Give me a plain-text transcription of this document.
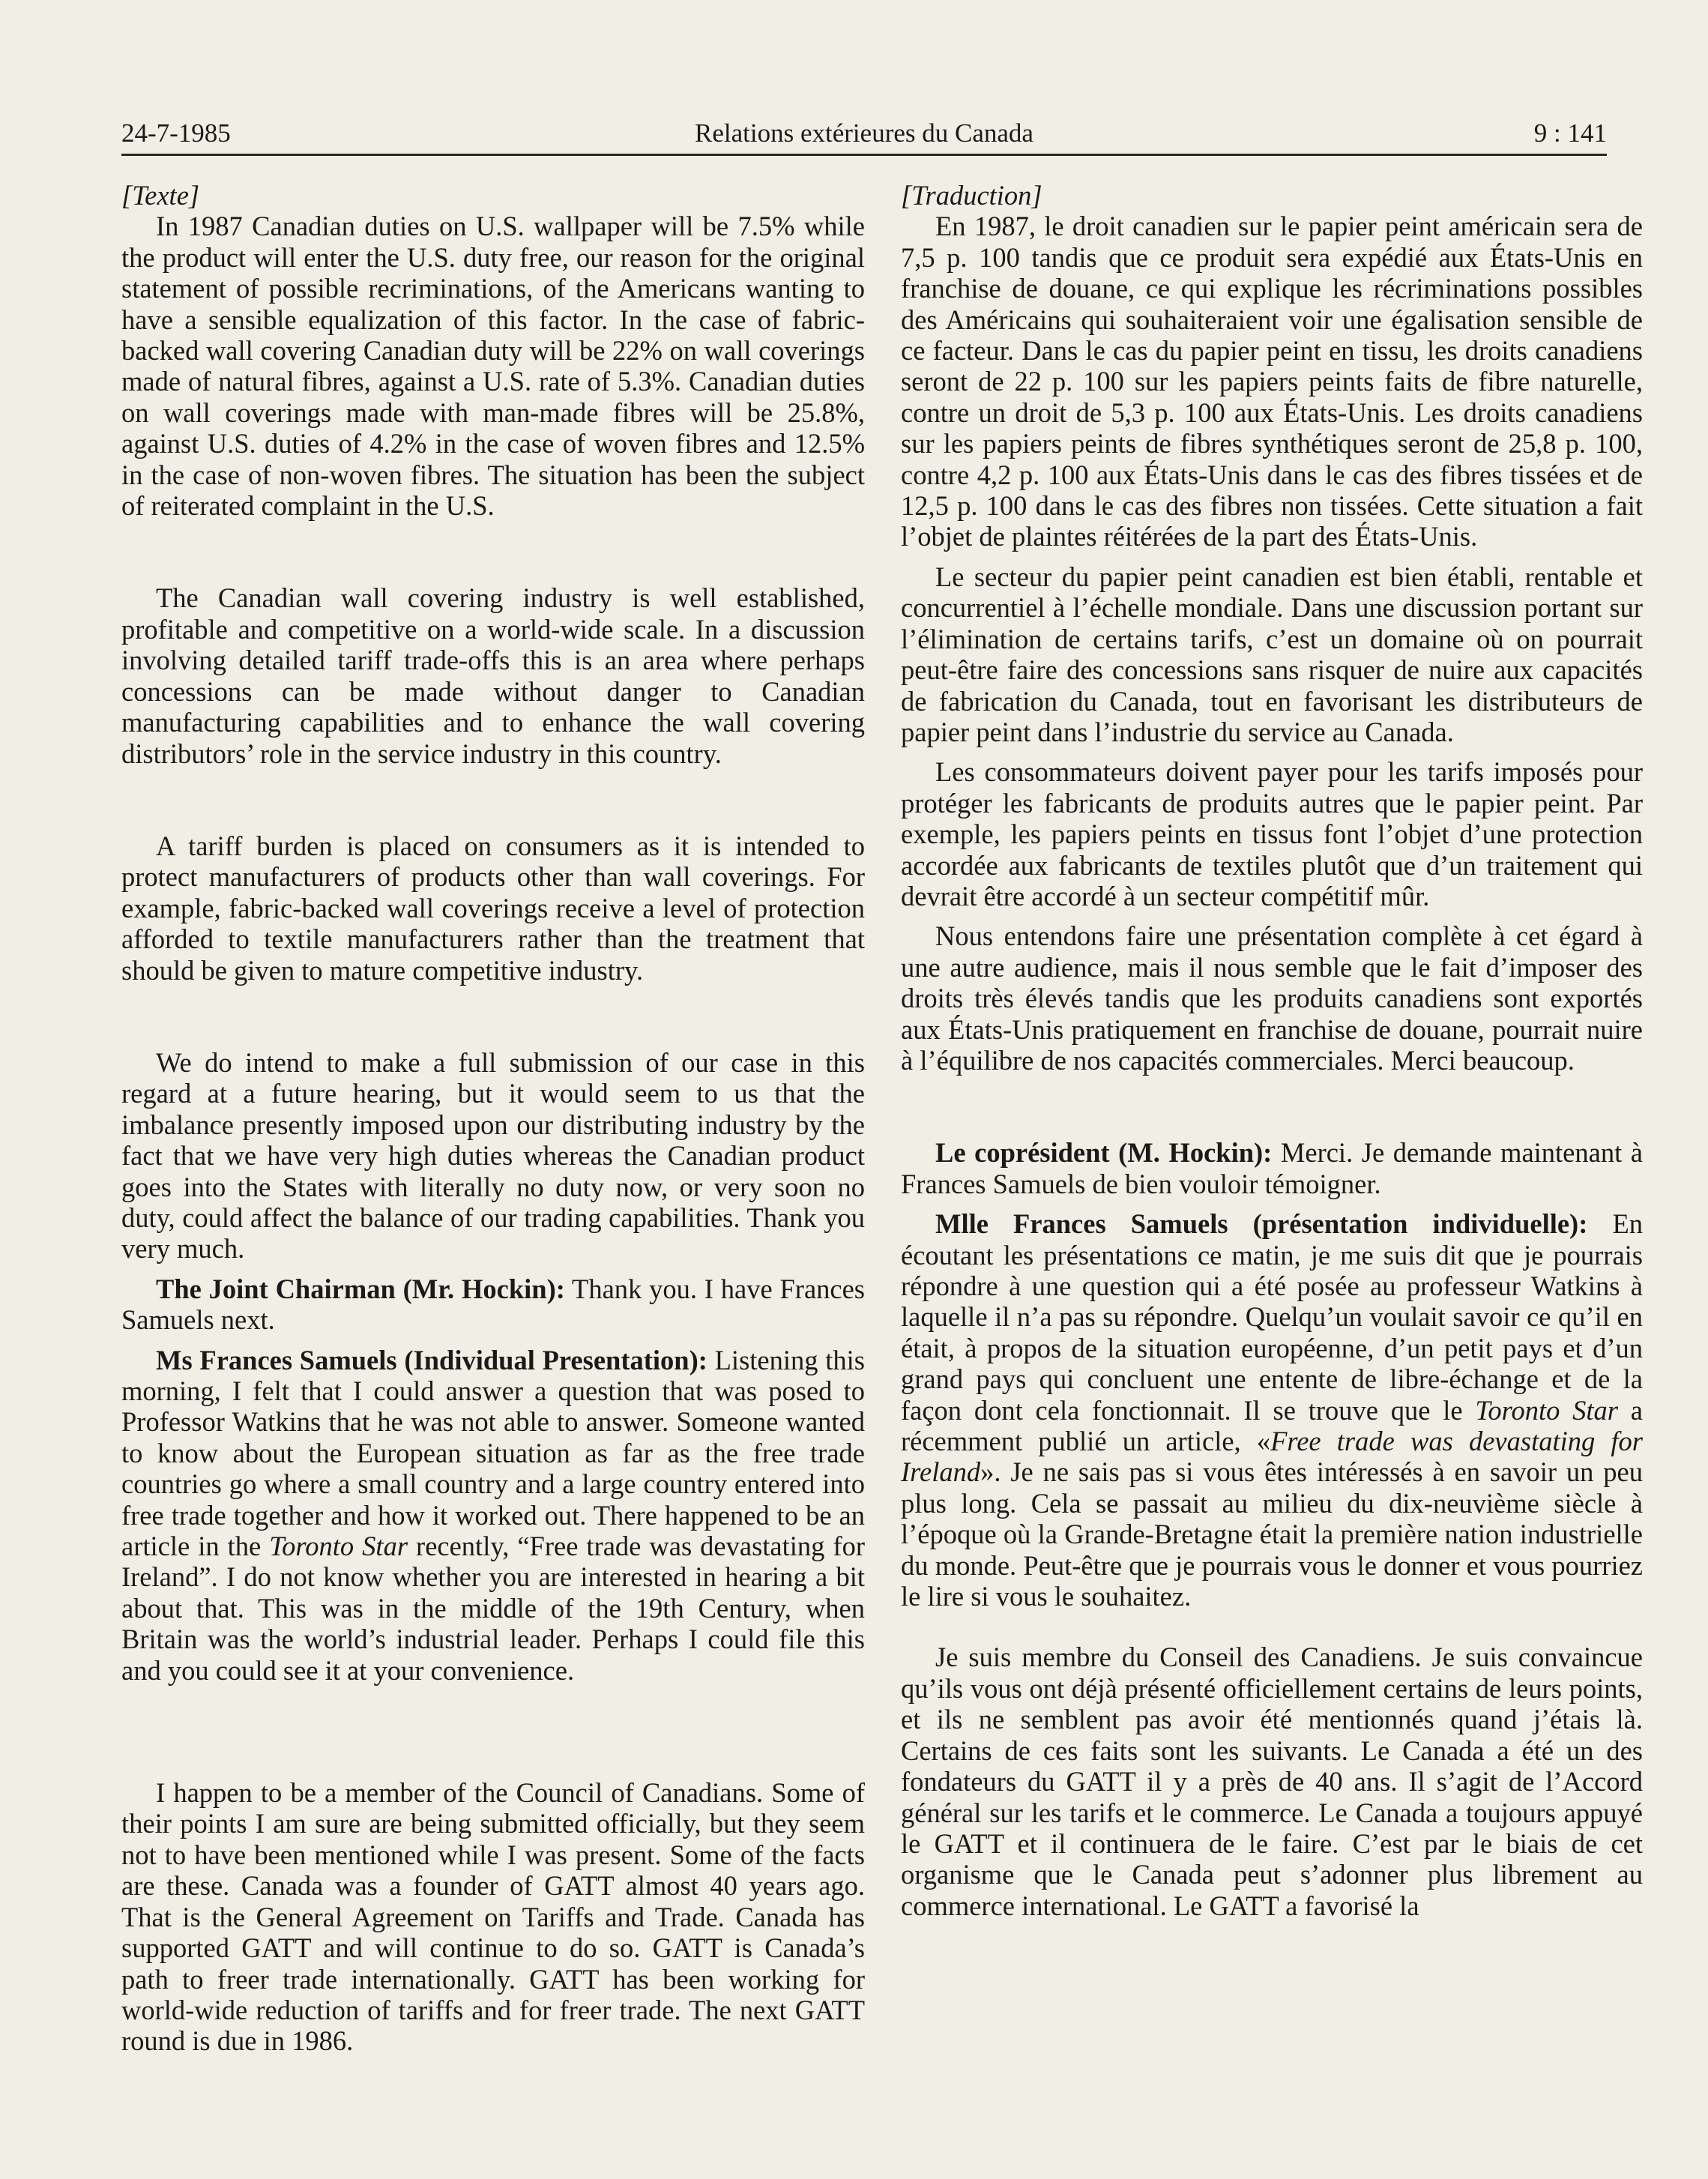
24-7-1985	Relations extérieures du Canada	9 : 141

[Texte]

In 1987 Canadian duties on U.S. wallpaper will be 7.5% while the product will enter the U.S. duty free, our reason for the original statement of possible recriminations, of the Americans wanting to have a sensible equalization of this factor. In the case of fabric-backed wall covering Canadian duty will be 22% on wall coverings made of natural fibres, against a U.S. rate of 5.3%. Canadian duties on wall coverings made with man-made fibres will be 25.8%, against U.S. duties of 4.2% in the case of woven fibres and 12.5% in the case of non-woven fibres. The situation has been the subject of reiterated complaint in the U.S.

The Canadian wall covering industry is well established, profitable and competitive on a world-wide scale. In a discussion involving detailed tariff trade-offs this is an area where perhaps concessions can be made without danger to Canadian manufacturing capabilities and to enhance the wall covering distributors’ role in the service industry in this country.

A tariff burden is placed on consumers as it is intended to protect manufacturers of products other than wall coverings. For example, fabric-backed wall coverings receive a level of protection afforded to textile manufacturers rather than the treatment that should be given to mature competitive industry.

We do intend to make a full submission of our case in this regard at a future hearing, but it would seem to us that the imbalance presently imposed upon our distributing industry by the fact that we have very high duties whereas the Canadian product goes into the States with literally no duty now, or very soon no duty, could affect the balance of our trading capabilities. Thank you very much.

The Joint Chairman (Mr. Hockin): Thank you. I have Frances Samuels next.

Ms Frances Samuels (Individual Presentation): Listening this morning, I felt that I could answer a question that was posed to Professor Watkins that he was not able to answer. Someone wanted to know about the European situation as far as the free trade countries go where a small country and a large country entered into free trade together and how it worked out. There happened to be an article in the Toronto Star recently, “Free trade was devastating for Ireland”. I do not know whether you are interested in hearing a bit about that. This was in the middle of the 19th Century, when Britain was the world’s industrial leader. Perhaps I could file this and you could see it at your convenience.

I happen to be a member of the Council of Canadians. Some of their points I am sure are being submitted officially, but they seem not to have been mentioned while I was present. Some of the facts are these. Canada was a founder of GATT almost 40 years ago. That is the General Agreement on Tariffs and Trade. Canada has supported GATT and will continue to do so. GATT is Canada’s path to freer trade internationally. GATT has been working for world-wide reduction of tariffs and for freer trade. The next GATT round is due in 1986.

[Traduction]

En 1987, le droit canadien sur le papier peint américain sera de 7,5 p. 100 tandis que ce produit sera expédié aux États-Unis en franchise de douane, ce qui explique les récriminations possibles des Américains qui souhaiteraient voir une égalisation sensible de ce facteur. Dans le cas du papier peint en tissu, les droits canadiens seront de 22 p. 100 sur les papiers peints faits de fibre naturelle, contre un droit de 5,3 p. 100 aux États-Unis. Les droits canadiens sur les papiers peints de fibres synthétiques seront de 25,8 p. 100, contre 4,2 p. 100 aux États-Unis dans le cas des fibres tissées et de 12,5 p. 100 dans le cas des fibres non tissées. Cette situation a fait l’objet de plaintes réitérées de la part des États-Unis.

Le secteur du papier peint canadien est bien établi, rentable et concurrentiel à l’échelle mondiale. Dans une discussion portant sur l’élimination de certains tarifs, c’est un domaine où on pourrait peut-être faire des concessions sans risquer de nuire aux capacités de fabrication du Canada, tout en favorisant les distributeurs de papier peint dans l’industrie du service au Canada.

Les consommateurs doivent payer pour les tarifs imposés pour protéger les fabricants de produits autres que le papier peint. Par exemple, les papiers peints en tissus font l’objet d’une protection accordée aux fabricants de textiles plutôt que d’un traitement qui devrait être accordé à un secteur compétitif mûr.

Nous entendons faire une présentation complète à cet égard à une autre audience, mais il nous semble que le fait d’imposer des droits très élevés tandis que les produits canadiens sont exportés aux États-Unis pratiquement en franchise de douane, pourrait nuire à l’équilibre de nos capacités commerciales. Merci beaucoup.

Le coprésident (M. Hockin): Merci. Je demande maintenant à Frances Samuels de bien vouloir témoigner.

Mlle Frances Samuels (présentation individuelle): En écoutant les présentations ce matin, je me suis dit que je pourrais répondre à une question qui a été posée au professeur Watkins à laquelle il n’a pas su répondre. Quelqu’un voulait savoir ce qu’il en était, à propos de la situation européenne, d’un petit pays et d’un grand pays qui concluent une entente de libre-échange et de la façon dont cela fonctionnait. Il se trouve que le Toronto Star a récemment publié un article, «Free trade was devastating for Ireland». Je ne sais pas si vous êtes intéressés à en savoir un peu plus long. Cela se passait au milieu du dix-neuvième siècle à l’époque où la Grande-Bretagne était la première nation industrielle du monde. Peut-être que je pourrais vous le donner et vous pourriez le lire si vous le souhaitez.

Je suis membre du Conseil des Canadiens. Je suis convaincue qu’ils vous ont déjà présenté officiellement certains de leurs points, et ils ne semblent pas avoir été mentionnés quand j’étais là. Certains de ces faits sont les suivants. Le Canada a été un des fondateurs du GATT il y a près de 40 ans. Il s’agit de l’Accord général sur les tarifs et le commerce. Le Canada a toujours appuyé le GATT et il continuera de le faire. C’est par le biais de cet organisme que le Canada peut s’adonner plus librement au commerce international. Le GATT a favorisé la
